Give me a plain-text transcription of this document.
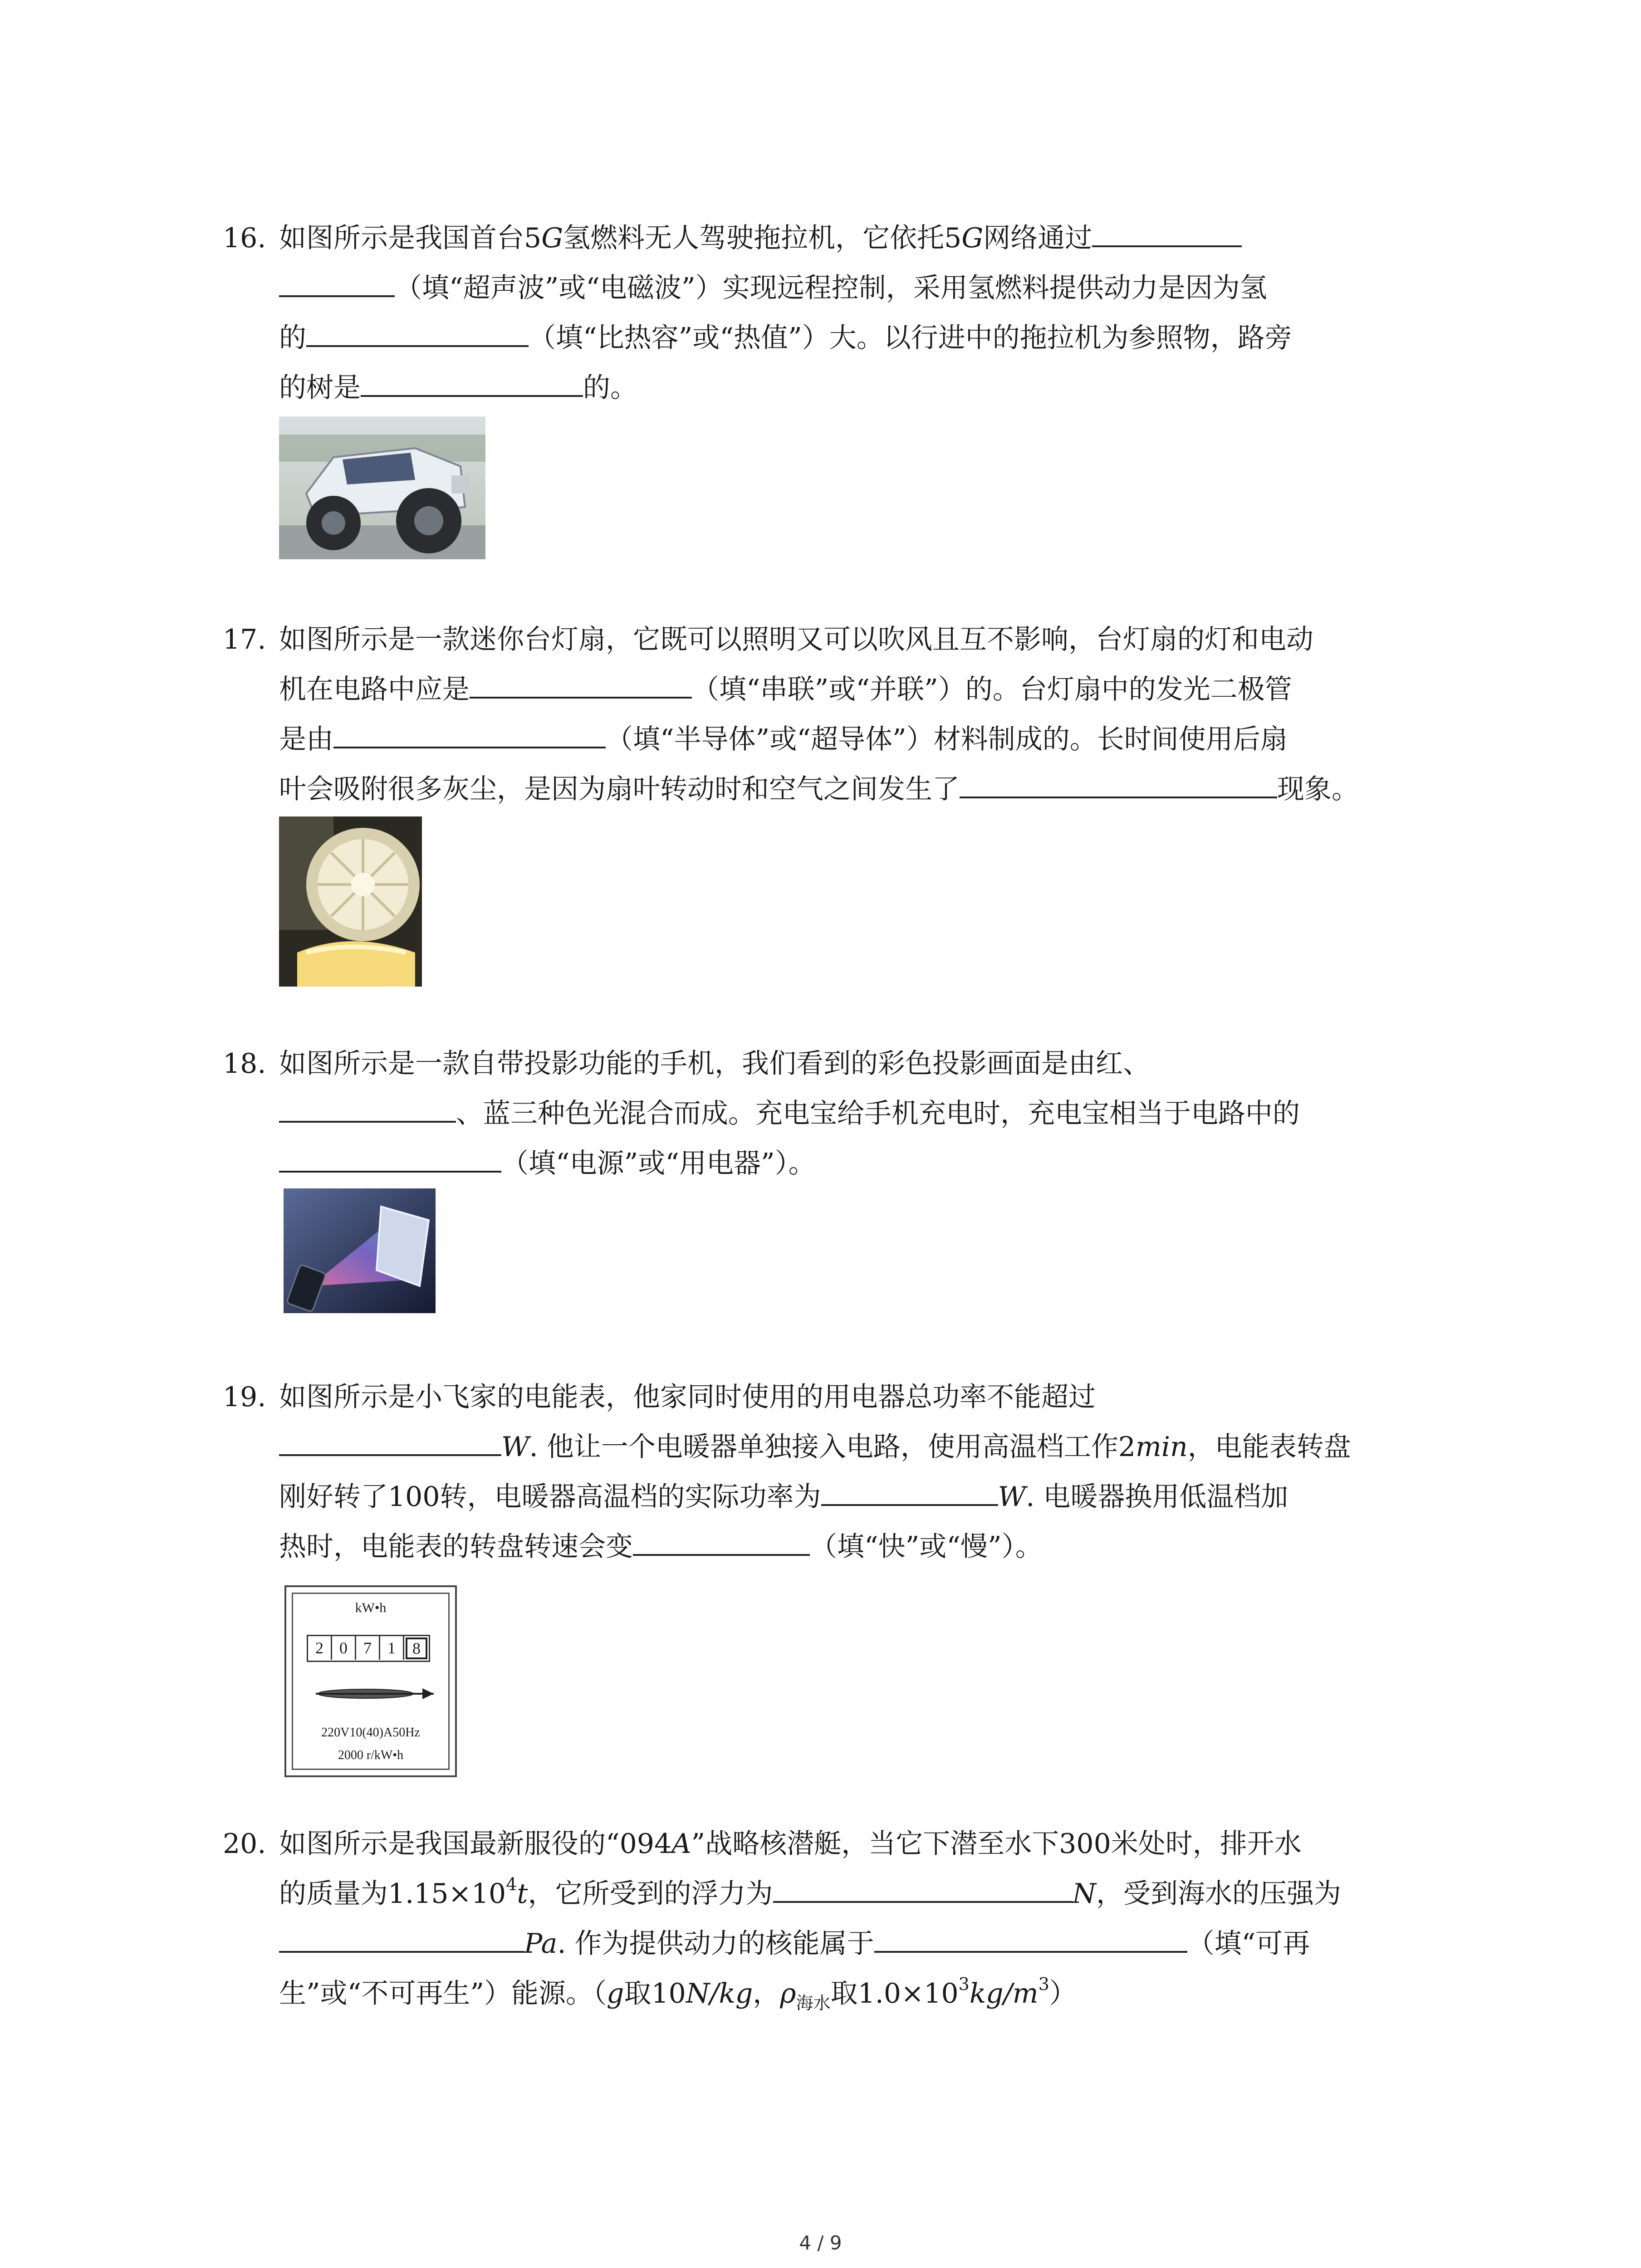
16. 如图所示是我国首台5G氢燃料无人驾驶拖拉机，它依托5G网络通过
（填“超声波”或“电磁波”）实现远程控制，采用氢燃料提供动力是因为氢
的	（填“比热容”或“热值”）大。以行进中的拖拉机为参照物，路旁
的树是	的。
17. 如图所示是一款迷你台灯扇，它既可以照明又可以吹风且互不影响，台灯扇的灯和电动
机在电路中应是	（填“串联”或“并联”）的。台灯扇中的发光二极管
是由	（填“半导体”或“超导体”）材料制成的。长时间使用后扇
叶会吸附很多灰尘，是因为扇叶转动时和空气之间发生了	现象。
18. 如图所示是一款自带投影功能的手机，我们看到的彩色投影画面是由红、
、蓝三种色光混合而成。充电宝给手机充电时，充电宝相当于电路中的
（填“电源”或“用电器”）。
19. 如图所示是小飞家的电能表，他家同时使用的用电器总功率不能超过
W. 他让一个电暖器单独接入电路，使用高温档工作2min，电能表转盘
刚好转了100转，电暖器高温档的实际功率为	W. 电暖器换用低温档加
热时，电能表的转盘转速会变	（填“快”或“慢”）。
kW•h
2 0 7 1	8
220V10(40)A50Hz
2000 r/kW•h
20. 如图所示是我国最新服役的“094A”战略核潜艇，当它下潜至水下300米处时，排开水
的质量为$1.15\times 10^4t$，它所受到的浮力为	N，受到海水的压强为
Pa. 作为提供动力的核能属于	（填“可再
生”或“不可再生”）能源。（g取10N/kg，$\rho_{海水}$取$1.0\times 10^3kg/m^3$）
4 / 9
